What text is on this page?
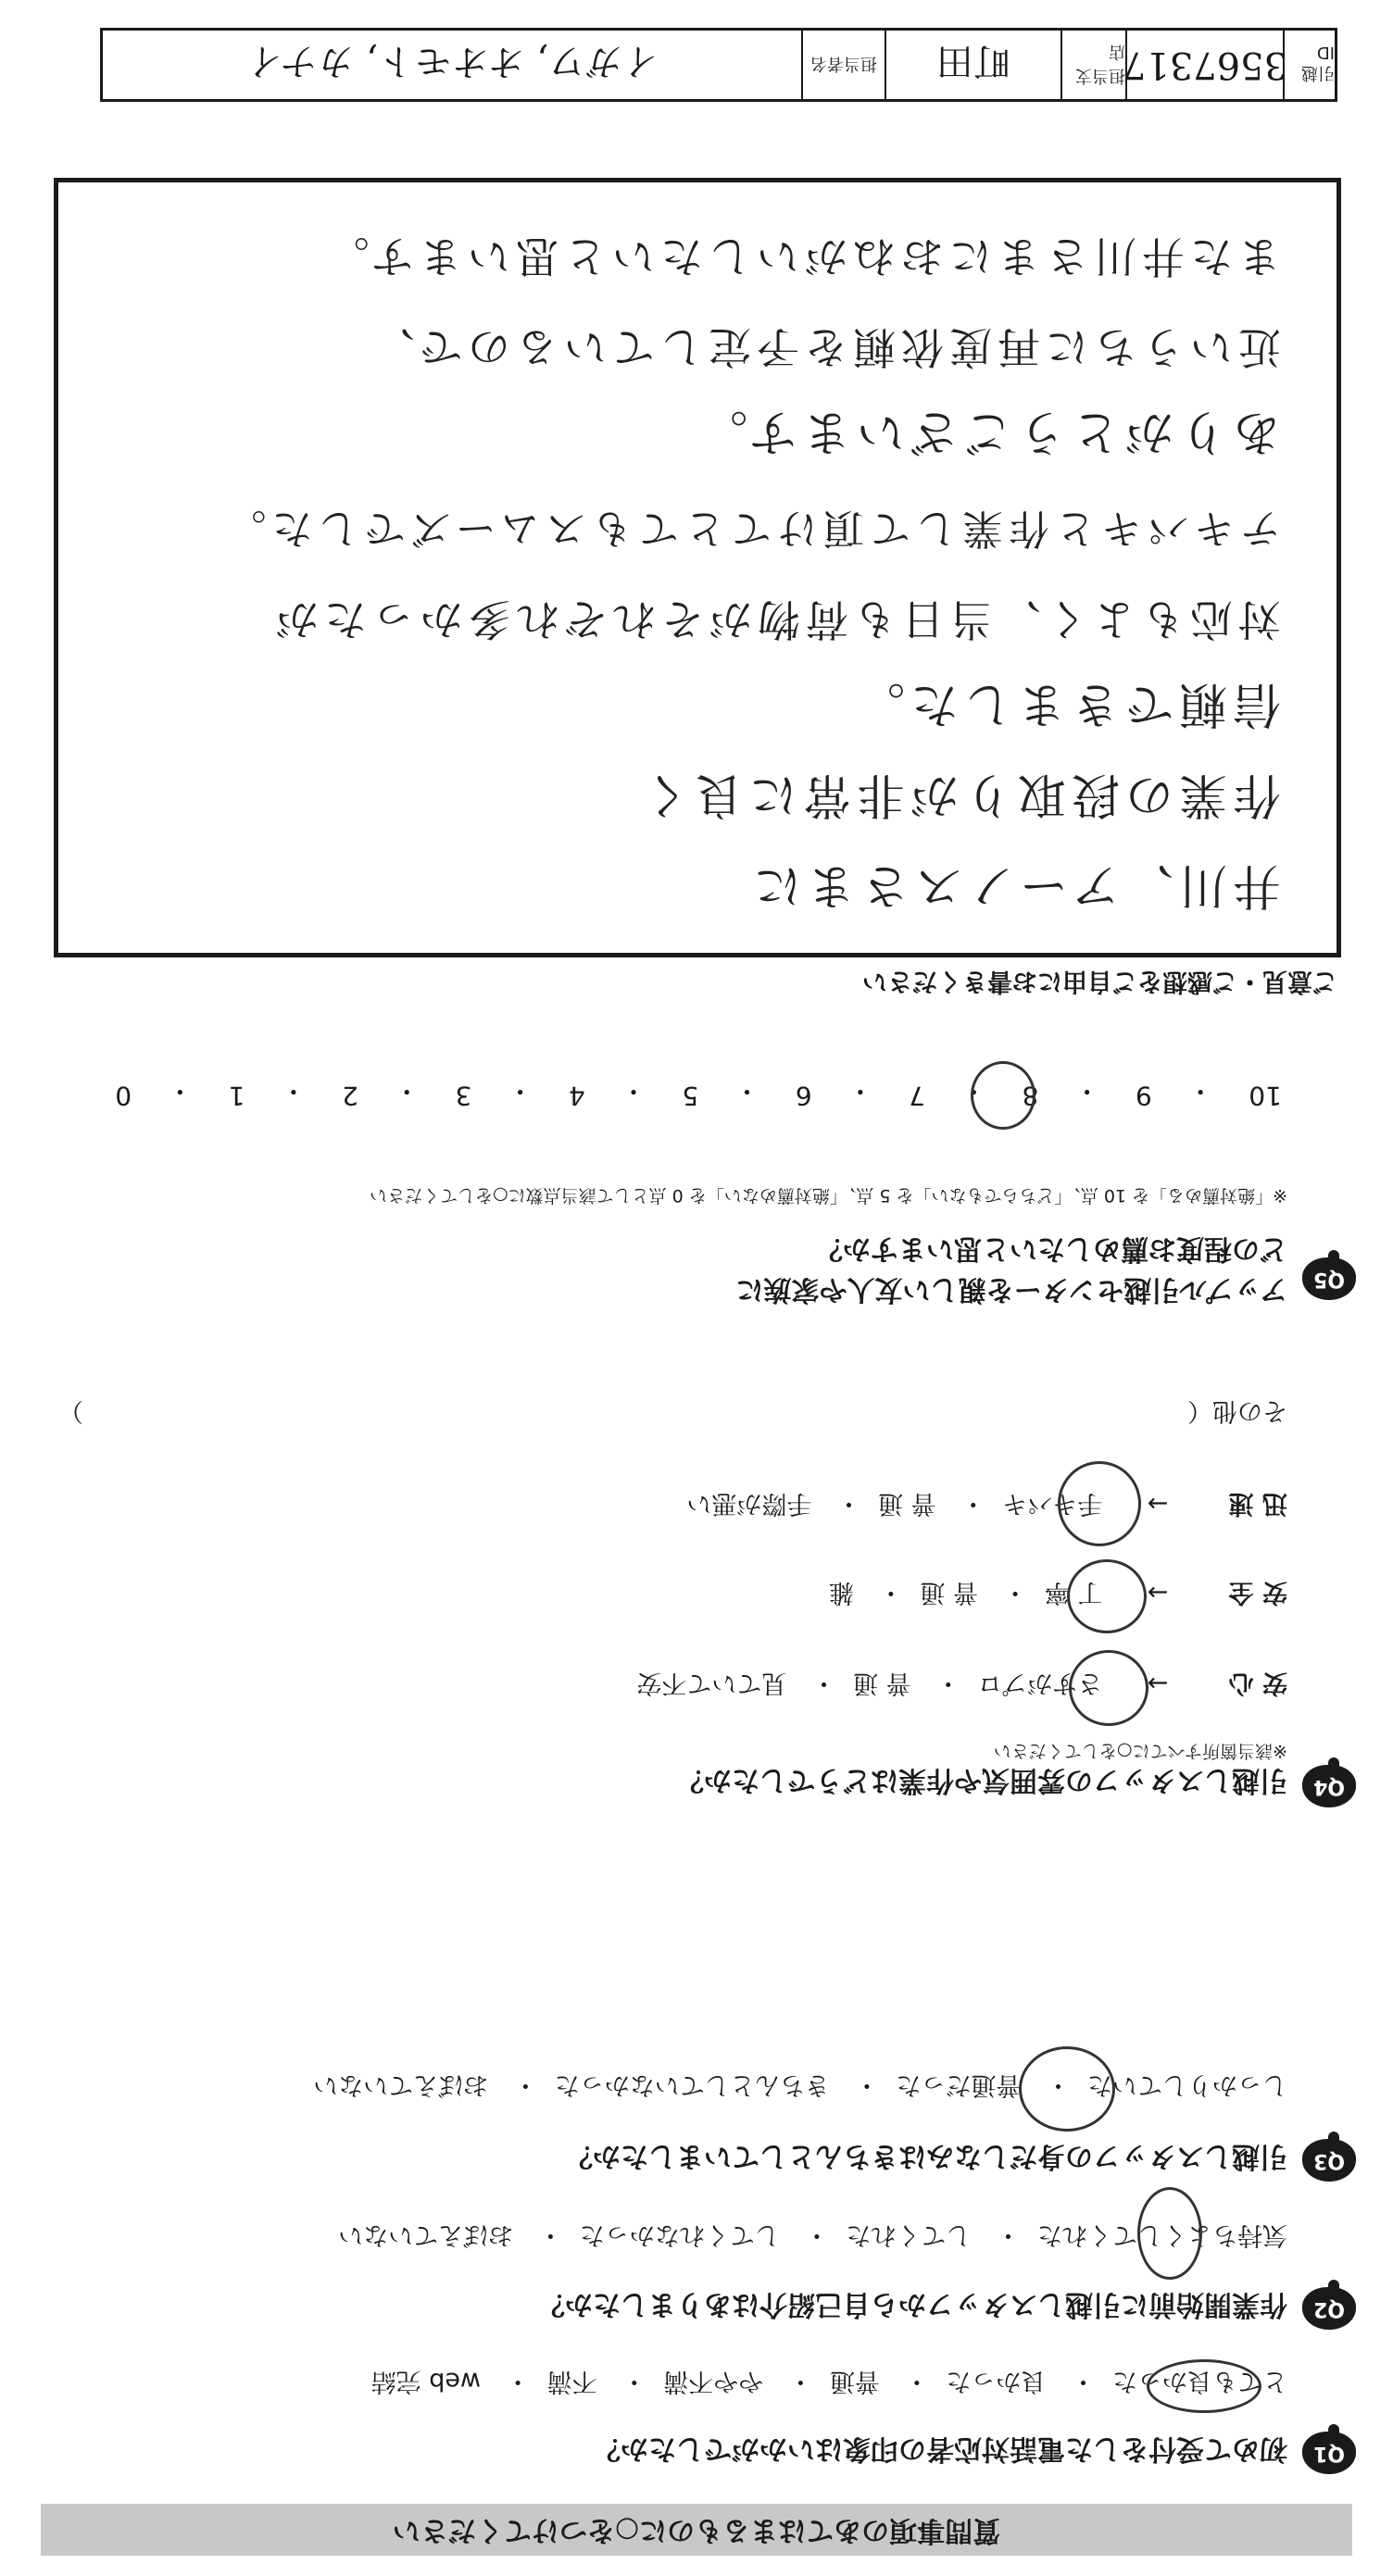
質問事項のあてはまるものに○をつけてください
Q1
初めて受付をした電話対応者の印象はいかがでしたか？
とても良かった・ 良かった・ 普通・ やや不満・ 不満・ web 完結
Q2
作業開始前に引越しスタッフから自己紹介はありましたか？
気持ちよくしてくれた・ してくれた・ してくれなかった・ おぼえていない
Q3
引越しスタッフの身だしなみはきちんとしていましたか？
しっかりしていた・ 普通だった・ きちんとしていなかった・ おぼえていない
Q4
引越しスタッフの雰囲気や作業はどうでしたか？
※該当箇所すべてに○をしてください
安 心 → さすがプロ・ 普 通・ 見ていて不安
安 全 → 丁 寧・ 普 通・ 雑
迅 速 → 手キパキ・ 普 通・ 手際が悪い
その他（
）
Q5
アップル引越センターを親しい友人や家族に
どの程度お薦めしたいと思いますか？
※「絶対薦める」を 10 点、「どちらでもない」を 5 点、「絶対薦めない」を 0 点として該当点数に○をしてください
10
・
9
・
8
・
7
・
6
・
5
・
4
・
3
・
2
・
1
・
0
ご意見・ご感想をご自由にお書きください
井川、アーノスさまに
作業の段取りが非常に良く
信頼できました。
対応もよく、当日も荷物がそれぞれ多かったが
テキパキと作業して頂けてとてもスムーズでした。
ありがとうございます。
近いうちに再度依頼を予定しているので、
また井川さまにおねがいしたいと思います。
引越 ID
3567317
担当支店
町田
担当者名
イガワ, オオモト, カナイ
